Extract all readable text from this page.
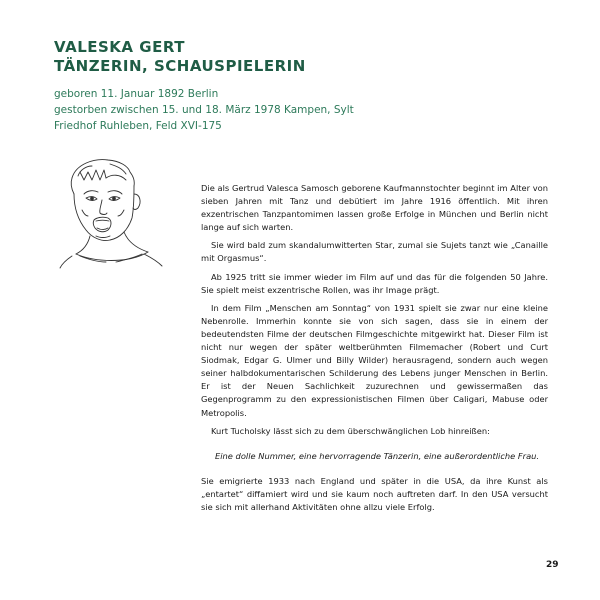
VALESKA GERT
TÄNZERIN, SCHAUSPIELERIN
geboren 11. Januar 1892 Berlin
gestorben zwischen 15. und 18. März 1978 Kampen, Sylt
Friedhof Ruhleben, Feld XVI-175

Die als Gertrud Valesca Samosch geborene Kaufmannstochter beginnt im Alter von sieben Jahren mit Tanz und debütiert im Jahre 1916 öffentlich. Mit ihren exzentrischen Tanzpantomimen lassen große Erfolge in München und Berlin nicht lange auf sich warten.

Sie wird bald zum skandalumwitterten Star, zumal sie Sujets tanzt wie „Canaille mit Orgasmus“.

Ab 1925 tritt sie immer wieder im Film auf und das für die folgenden 50 Jahre. Sie spielt meist exzentrische Rollen, was ihr Image prägt.

In dem Film „Menschen am Sonntag“ von 1931 spielt sie zwar nur eine kleine Nebenrolle. Immerhin konnte sie von sich sagen, dass sie in einem der bedeutendsten Filme der deutschen Filmgeschichte mitgewirkt hat. Dieser Film ist nicht nur wegen der später weltberühmten Filmemacher (Robert und Curt Siodmak, Edgar G. Ulmer und Billy Wilder) herausragend, sondern auch wegen seiner halbdokumentarischen Schilderung des Lebens junger Menschen in Berlin. Er ist der Neuen Sachlichkeit zuzurechnen und gewissermaßen das Gegenprogramm zu den expressionistischen Filmen über Caligari, Mabuse oder Metropolis.

Kurt Tucholsky lässt sich zu dem überschwänglichen Lob hinreißen:

Eine dolle Nummer, eine hervorragende Tänzerin, eine außerordentliche Frau.

Sie emigrierte 1933 nach England und später in die USA, da ihre Kunst als „entartet“ diffamiert wird und sie kaum noch auftreten darf. In den USA versucht sie sich mit allerhand Aktivitäten ohne allzu viele Erfolg.

29
